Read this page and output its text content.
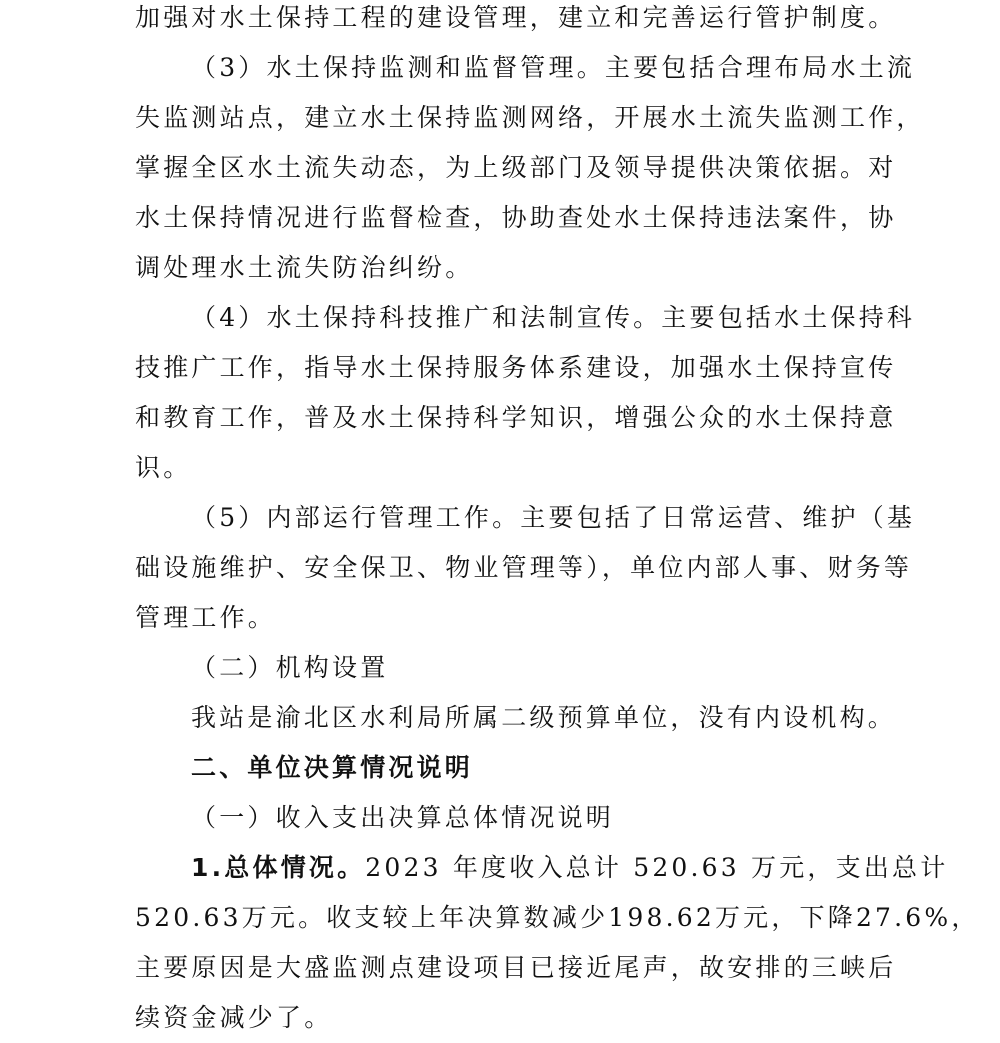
加强对水土保持工程的建设管理，建立和完善运行管护制度。
（3）水土保持监测和监督管理。主要包括合理布局水土流
失监测站点，建立水土保持监测网络，开展水土流失监测工作，
掌握全区水土流失动态，为上级部门及领导提供决策依据。对
水土保持情况进行监督检查，协助查处水土保持违法案件，协
调处理水土流失防治纠纷。
（4）水土保持科技推广和法制宣传。主要包括水土保持科
技推广工作，指导水土保持服务体系建设，加强水土保持宣传
和教育工作，普及水土保持科学知识，增强公众的水土保持意
识。
（5）内部运行管理工作。主要包括了日常运营、维护（基
础设施维护、安全保卫、物业管理等），单位内部人事、财务等
管理工作。
（二）机构设置
我站是渝北区水利局所属二级预算单位，没有内设机构。
二、单位决算情况说明
（一）收入支出决算总体情况说明
1.总体情况。2023 年度收入总计 520.63 万元，支出总计
520.63万元。收支较上年决算数减少198.62万元，下降27.6%，
主要原因是大盛监测点建设项目已接近尾声，故安排的三峡后
续资金减少了。
